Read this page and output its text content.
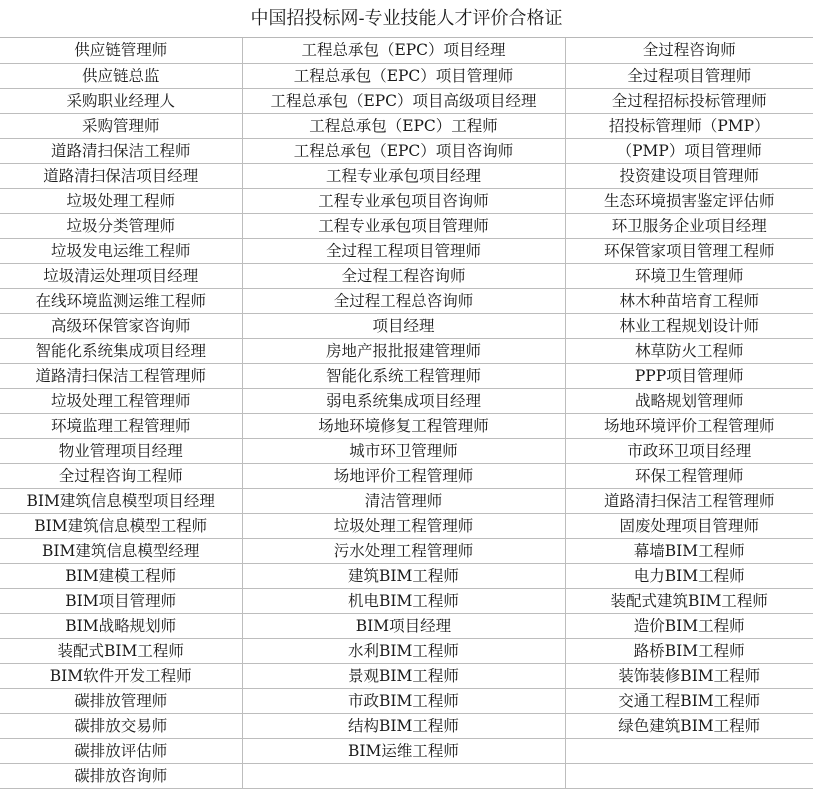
中国招投标网-专业技能人才评价合格证
供应链管理师	工程总承包（EPC）项目经理	全过程咨询师
供应链总监	工程总承包（EPC）项目管理师	全过程项目管理师
采购职业经理人	工程总承包（EPC）项目高级项目经理	全过程招标投标管理师
采购管理师	工程总承包（EPC）工程师	招投标管理师（PMP）
道路清扫保洁工程师	工程总承包（EPC）项目咨询师	（PMP）项目管理师
道路清扫保洁项目经理	工程专业承包项目经理	投资建设项目管理师
垃圾处理工程师	工程专业承包项目咨询师	生态环境损害鉴定评估师
垃圾分类管理师	工程专业承包项目管理师	环卫服务企业项目经理
垃圾发电运维工程师	全过程工程项目管理师	环保管家项目管理工程师
垃圾清运处理项目经理	全过程工程咨询师	环境卫生管理师
在线环境监测运维工程师	全过程工程总咨询师	林木种苗培育工程师
高级环保管家咨询师	项目经理	林业工程规划设计师
智能化系统集成项目经理	房地产报批报建管理师	林草防火工程师
道路清扫保洁工程管理师	智能化系统工程管理师	PPP项目管理师
垃圾处理工程管理师	弱电系统集成项目经理	战略规划管理师
环境监理工程管理师	场地环境修复工程管理师	场地环境评价工程管理师
物业管理项目经理	城市环卫管理师	市政环卫项目经理
全过程咨询工程师	场地评价工程管理师	环保工程管理师
BIM建筑信息模型项目经理	清洁管理师	道路清扫保洁工程管理师
BIM建筑信息模型工程师	垃圾处理工程管理师	固废处理项目管理师
BIM建筑信息模型经理	污水处理工程管理师	幕墙BIM工程师
BIM建模工程师	建筑BIM工程师	电力BIM工程师
BIM项目管理师	机电BIM工程师	装配式建筑BIM工程师
BIM战略规划师	BIM项目经理	造价BIM工程师
装配式BIM工程师	水利BIM工程师	路桥BIM工程师
BIM软件开发工程师	景观BIM工程师	装饰装修BIM工程师
碳排放管理师	市政BIM工程师	交通工程BIM工程师
碳排放交易师	结构BIM工程师	绿色建筑BIM工程师
碳排放评估师	BIM运维工程师	
碳排放咨询师		
